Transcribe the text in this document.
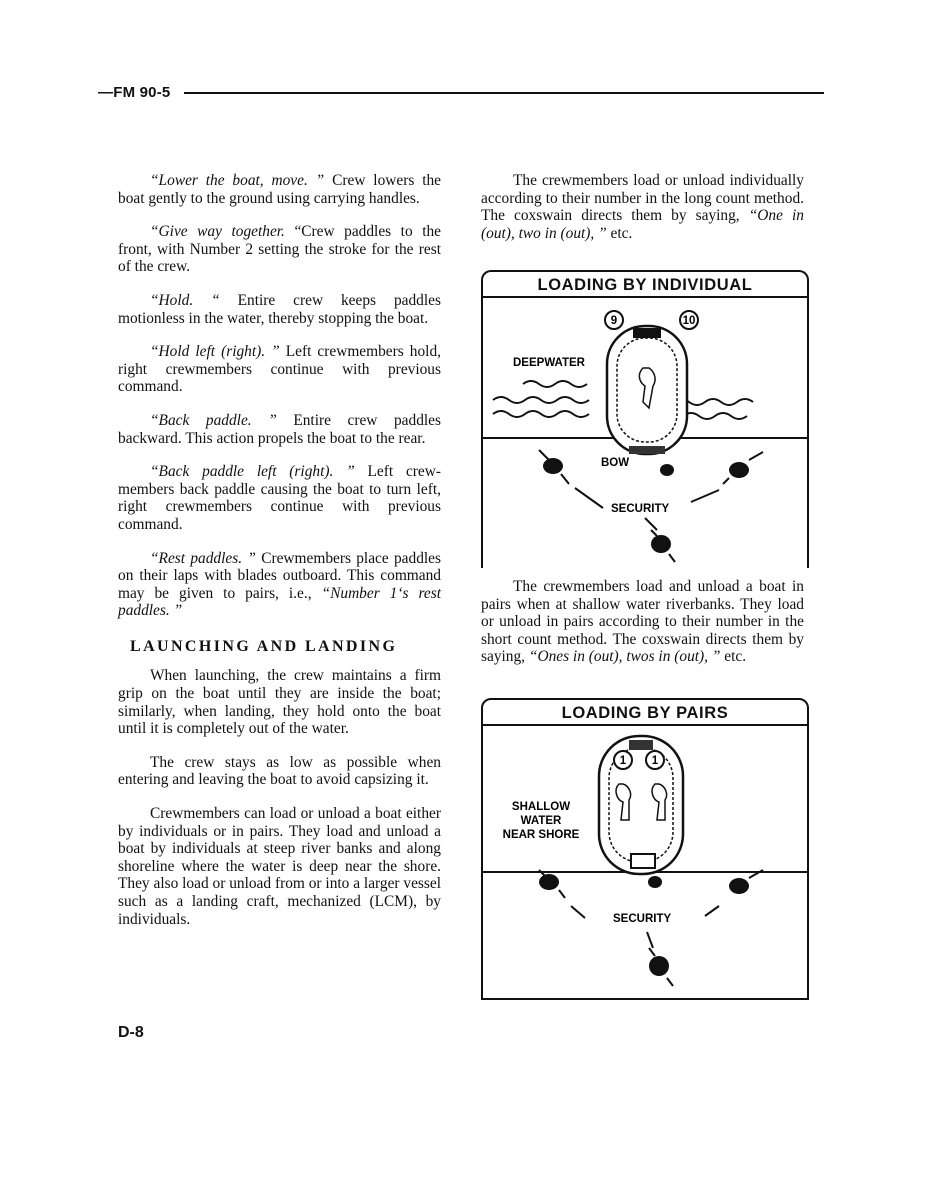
—FM 90-5

“Lower the boat, move. ” Crew lowers the boat gently to the ground using carrying handles.

“Give way together. “Crew paddles to the front, with Number 2 setting the stroke for the rest of the crew.

“Hold. “ Entire crew keeps paddles motionless in the water, thereby stopping the boat.

“Hold left (right). ” Left crewmembers hold, right crewmembers continue with previous command.

“Back paddle. ” Entire crew paddles backward. This action propels the boat to the rear.

“Back paddle left (right). ” Left crew-members back paddle causing the boat to turn left, right crewmembers continue with previous command.

“Rest paddles. ” Crewmembers place paddles on their laps with blades outboard. This command may be given to pairs, i.e., “Number 1‘s rest paddles. ”

LAUNCHING AND LANDING

When launching, the crew maintains a firm grip on the boat until they are inside the boat; similarly, when landing, they hold onto the boat until it is completely out of the water.

The crew stays as low as possible when entering and leaving the boat to avoid capsizing it.

Crewmembers can load or unload a boat either by individuals or in pairs. They load and unload a boat by individuals at steep river banks and along shoreline where the water is deep near the shore. They also load or unload from or into a larger vessel such as a landing craft, mechanized (LCM), by individuals.

The crewmembers load or unload individually according to their number in the long count method. The coxswain directs them by saying, “One in (out), two in (out), ” etc.

LOADING BY INDIVIDUAL
9	10
DEEPWATER
BOW
SECURITY

The crewmembers load and unload a boat in pairs when at shallow water riverbanks. They load or unload in pairs according to their number in the short count method. The coxswain directs them by saying, “Ones in (out), twos in (out), ” etc.

LOADING BY PAIRS
1 1
SHALLOW
WATER
NEAR SHORE
SECURITY
D-8
